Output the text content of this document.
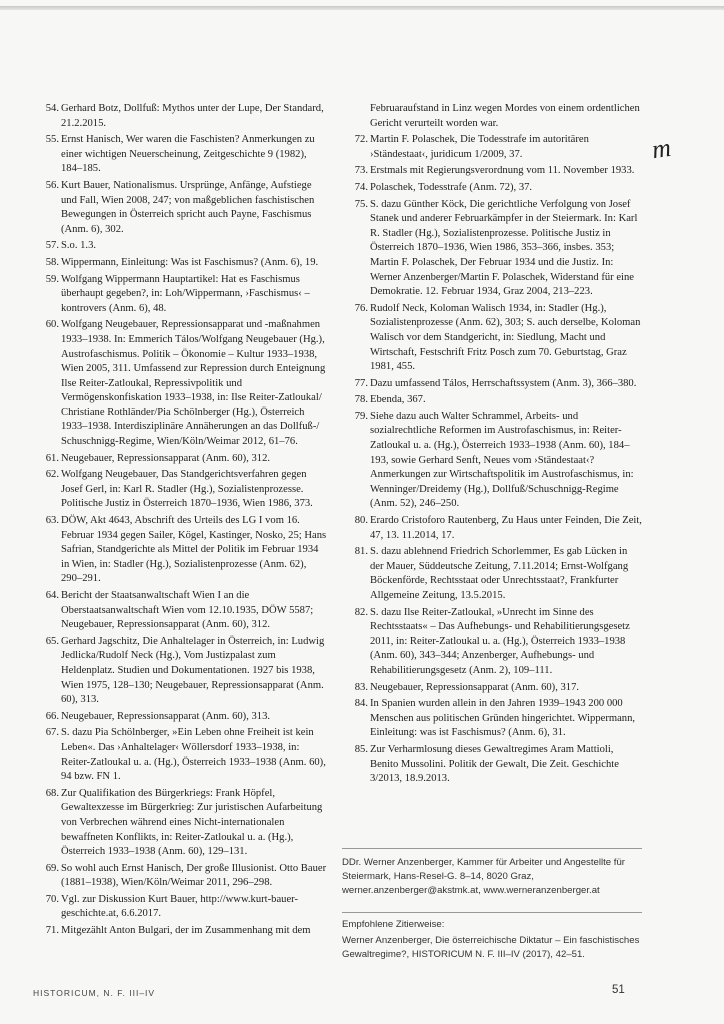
54. Gerhard Botz, Dollfuß: Mythos unter der Lupe, Der Standard, 21.2.2015.
55. Ernst Hanisch, Wer waren die Faschisten? Anmerkungen zu einer wichtigen Neuerscheinung, Zeitgeschichte 9 (1982), 184–185.
56. Kurt Bauer, Nationalismus. Ursprünge, Anfänge, Aufstiege und Fall, Wien 2008, 247; von maßgeblichen faschistischen Bewegungen in Österreich spricht auch Payne, Faschismus (Anm. 6), 302.
57. S.o. 1.3.
58. Wippermann, Einleitung: Was ist Faschismus? (Anm. 6), 19.
59. Wolfgang Wippermann Hauptartikel: Hat es Faschismus überhaupt gegeben?, in: Loh/Wippermann, ›Faschismus‹ – kontrovers (Anm. 6), 48.
60. Wolfgang Neugebauer, Repressionsapparat und -maßnahmen 1933–1938. In: Emmerich Tálos/Wolfgang Neugebauer (Hg.), Austrofaschismus. Politik – Ökonomie – Kultur 1933–1938, Wien 2005, 311. Umfassend zur Repression durch Enteignung Ilse Reiter-Zatloukal, Repressivpolitik und Vermögenskonfiskation 1933–1938, in: Ilse Reiter-Zatloukal/ Christiane Rothländer/Pia Schölnberger (Hg.), Österreich 1933–1938. Interdisziplinäre Annäherungen an das Dollfuß-/ Schuschnigg-Regime, Wien/Köln/Weimar 2012, 61–76.
61. Neugebauer, Repressionsapparat (Anm. 60), 312.
62. Wolfgang Neugebauer, Das Standgerichtsverfahren gegen Josef Gerl, in: Karl R. Stadler (Hg.), Sozialistenprozesse. Politische Justiz in Österreich 1870–1936, Wien 1986, 373.
63. DÖW, Akt 4643, Abschrift des Urteils des LG I vom 16. Februar 1934 gegen Sailer, Kögel, Kastinger, Nosko, 25; Hans Safrian, Standgerichte als Mittel der Politik im Februar 1934 in Wien, in: Stadler (Hg.), Sozialistenprozesse (Anm. 62), 290–291.
64. Bericht der Staatsanwaltschaft Wien I an die Oberstaatsanwaltschaft Wien vom 12.10.1935, DÖW 5587; Neugebauer, Repressionsapparat (Anm. 60), 312.
65. Gerhard Jagschitz, Die Anhaltelager in Österreich, in: Ludwig Jedlicka/Rudolf Neck (Hg.), Vom Justizpalast zum Heldenplatz. Studien und Dokumentationen. 1927 bis 1938, Wien 1975, 128–130; Neugebauer, Repressionsapparat (Anm. 60), 313.
66. Neugebauer, Repressionsapparat (Anm. 60), 313.
67. S. dazu Pia Schölnberger, »Ein Leben ohne Freiheit ist kein Leben«. Das ›Anhaltelager‹ Wöllersdorf 1933–1938, in: Reiter-Zatloukal u. a. (Hg.), Österreich 1933–1938 (Anm. 60), 94 bzw. FN 1.
68. Zur Qualifikation des Bürgerkriegs: Frank Höpfel, Gewaltexzesse im Bürgerkrieg: Zur juristischen Aufarbeitung von Verbrechen während eines Nicht-internationalen bewaffneten Konflikts, in: Reiter-Zatloukal u. a. (Hg.), Österreich 1933–1938 (Anm. 60), 129–131.
69. So wohl auch Ernst Hanisch, Der große Illusionist. Otto Bauer (1881–1938), Wien/Köln/Weimar 2011, 296–298.
70. Vgl. zur Diskussion Kurt Bauer, http://www.kurt-bauer-geschichte.at, 6.6.2017.
71. Mitgezählt Anton Bulgari, der im Zusammenhang mit dem
Februaraufstand in Linz wegen Mordes von einem ordentlichen Gericht verurteilt worden war.
72. Martin F. Polaschek, Die Todesstrafe im autoritären ›Ständestaat‹, juridicum 1/2009, 37.
73. Erstmals mit Regierungsverordnung vom 11. November 1933.
74. Polaschek, Todesstrafe (Anm. 72), 37.
75. S. dazu Günther Köck, Die gerichtliche Verfolgung von Josef Stanek und anderer Februarkämpfer in der Steiermark. In: Karl R. Stadler (Hg.), Sozialistenprozesse. Politische Justiz in Österreich 1870–1936, Wien 1986, 353–366, insbes. 353; Martin F. Polaschek, Der Februar 1934 und die Justiz. In: Werner Anzenberger/Martin F. Polaschek, Widerstand für eine Demokratie. 12. Februar 1934, Graz 2004, 213–223.
76. Rudolf Neck, Koloman Walisch 1934, in: Stadler (Hg.), Sozialistenprozesse (Anm. 62), 303; S. auch derselbe, Koloman Walisch vor dem Standgericht, in: Siedlung, Macht und Wirtschaft, Festschrift Fritz Posch zum 70. Geburtstag, Graz 1981, 455.
77. Dazu umfassend Tálos, Herrschaftssystem (Anm. 3), 366–380.
78. Ebenda, 367.
79. Siehe dazu auch Walter Schrammel, Arbeits- und sozialrechtliche Reformen im Austrofaschismus, in: Reiter-Zatloukal u. a. (Hg.), Österreich 1933–1938 (Anm. 60), 184–193, sowie Gerhard Senft, Neues vom ›Ständestaat‹? Anmerkungen zur Wirtschaftspolitik im Austrofaschismus, in: Wenninger/Dreidemy (Hg.), Dollfuß/Schuschnigg-Regime (Anm. 52), 246–250.
80. Erardo Cristoforo Rautenberg, Zu Haus unter Feinden, Die Zeit, 47, 13. 11.2014, 17.
81. S. dazu ablehnend Friedrich Schorlemmer, Es gab Lücken in der Mauer, Süddeutsche Zeitung, 7.11.2014; Ernst-Wolfgang Böckenförde, Rechtsstaat oder Unrechtsstaat?, Frankfurter Allgemeine Zeitung, 13.5.2015.
82. S. dazu Ilse Reiter-Zatloukal, »Unrecht im Sinne des Rechtsstaats« – Das Aufhebungs- und Rehabilitierungsgesetz 2011, in: Reiter-Zatloukal u. a. (Hg.), Österreich 1933–1938 (Anm. 60), 343–344; Anzenberger, Aufhebungs- und Rehabilitierungsgesetz (Anm. 2), 109–111.
83. Neugebauer, Repressionsapparat (Anm. 60), 317.
84. In Spanien wurden allein in den Jahren 1939–1943 200 000 Menschen aus politischen Gründen hingerichtet. Wippermann, Einleitung: was ist Faschismus? (Anm. 6), 31.
85. Zur Verharmlosung dieses Gewaltregimes Aram Mattioli, Benito Mussolini. Politik der Gewalt, Die Zeit. Geschichte 3/2013, 18.9.2013.
m
DDr. Werner Anzenberger, Kammer für Arbeiter und Angestellte für Steiermark, Hans-Resel-G. 8–14, 8020 Graz, werner.anzenberger@akstmk.at, www.werneranzenberger.at
Empfohlene Zitierweise:
Werner Anzenberger, Die österreichische Diktatur – Ein faschistisches Gewaltregime?, HISTORICUM N. F. III–IV (2017), 42–51.
HISTORICUM, N. F. III–IV	51
